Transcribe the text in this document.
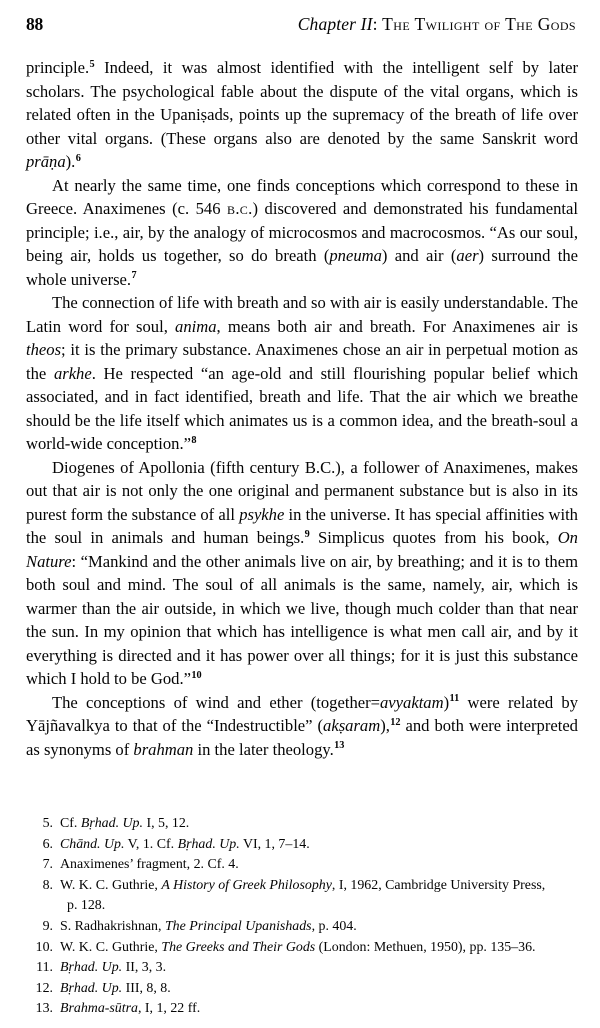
88	Chapter II: The Twilight of The Gods

principle.$^5$ Indeed, it was almost identified with the intelligent self by later scholars. The psychological fable about the dispute of the vital organs, which is related often in the Upaniṣads, points up the supremacy of the breath of life over other vital organs. (These organs also are denoted by the same Sanskrit word prāṇa).$^6$

At nearly the same time, one finds conceptions which correspond to these in Greece. Anaximenes (c. 546 b.c.) discovered and demonstrated his fundamental principle; i.e., air, by the analogy of microcosmos and macrocosmos. “As our soul, being air, holds us together, so do breath (pneuma) and air (aer) surround the whole universe.$^7$

The connection of life with breath and so with air is easily understandable. The Latin word for soul, anima, means both air and breath. For Anaximenes air is theos; it is the primary substance. Anaximenes chose an air in perpetual motion as the arkhe. He respected “an age-old and still flourishing popular belief which associated, and in fact identified, breath and life. That the air which we breathe should be the life itself which animates us is a common idea, and the breath-soul a world-wide conception.”$^8$

Diogenes of Apollonia (fifth century B.C.), a follower of Anaximenes, makes out that air is not only the one original and permanent substance but is also in its purest form the substance of all psykhe in the universe. It has special affinities with the soul in animals and human beings.$^9$ Simplicus quotes from his book, On Nature: “Mankind and the other animals live on air, by breathing; and it is to them both soul and mind. The soul of all animals is the same, namely, air, which is warmer than the air outside, in which we live, though much colder than that near the sun. In my opinion that which has intelligence is what men call air, and by it everything is directed and it has power over all things; for it is just this substance which I hold to be God.”$^{10}$

The conceptions of wind and ether (together=avyaktam)$^{11}$ were related by Yājñavalkya to that of the “Indestructible” (akṣaram),$^{12}$ and both were interpreted as synonyms of brahman in the later theology.$^{13}$

5. Cf. Bṛhad. Up. I, 5, 12.
6. Chānd. Up. V, 1. Cf. Bṛhad. Up. VI, 1, 7–14.
7. Anaximenes’ fragment, 2. Cf. 4.
8. W. K. C. Guthrie, A History of Greek Philosophy, I, 1962, Cambridge University Press,
p. 128.
9. S. Radhakrishnan, The Principal Upanishads, p. 404.
10. W. K. C. Guthrie, The Greeks and Their Gods (London: Methuen, 1950), pp. 135–36.
11. Bṛhad. Up. II, 3, 3.
12. Bṛhad. Up. III, 8, 8.
13. Brahma-sūtra, I, 1, 22 ff.
